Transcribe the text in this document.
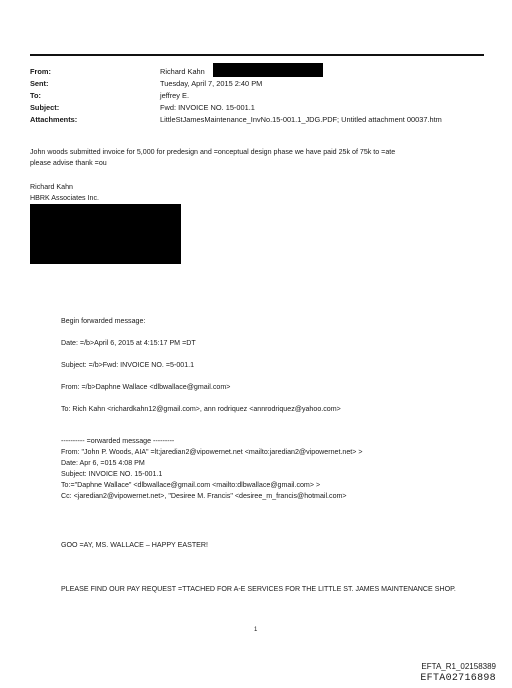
From:	Richard Kahn
Sent:	Tuesday, April 7, 2015 2:40 PM
To:	jeffrey E.
Subject:	Fwd: INVOICE NO. 15-001.1
Attachments:	LittleStJamesMaintenance_InvNo.15-001.1_JDG.PDF; Untitled attachment 00037.htm
John woods submitted invoice for 5,000 for predesign and =onceptual design phase we have paid 25k of 75k to =ate
please advise thank =ou
Richard Kahn
HBRK Associates Inc.
Begin forwarded message:
Date: =/b>April 6, 2015 at 4:15:17 PM =DT
Subject: =/b>Fwd: INVOICE NO. =5-001.1
From: =/b>Daphne Wallace <dlbwallace@gmail.com>
To: Rich Kahn <richardkahn12@gmail.com>, ann rodriquez <annrodriquez@yahoo.com>
---------- =orwarded message ---------
From: "John P. Woods, AIA" =lt;jaredian2@vipowernet.net <mailto:jaredian2@vipowernet.net> >
Date: Apr 6, =015 4:08 PM
Subject: INVOICE NO. 15-001.1
To:="Daphne Wallace" <dlbwallace@gmail.com <mailto:dlbwallace@gmail.com> >
Cc: <jaredian2@vipowernet.net>, "Desiree M. Francis" <desiree_m_francis@hotmail.com>
GOO =AY, MS. WALLACE – HAPPY EASTER!
PLEASE FIND OUR PAY REQUEST =TTACHED FOR A-E SERVICES FOR THE LITTLE ST. JAMES MAINTENANCE SHOP.
1
EFTA_R1_02158389
EFTA02716898
